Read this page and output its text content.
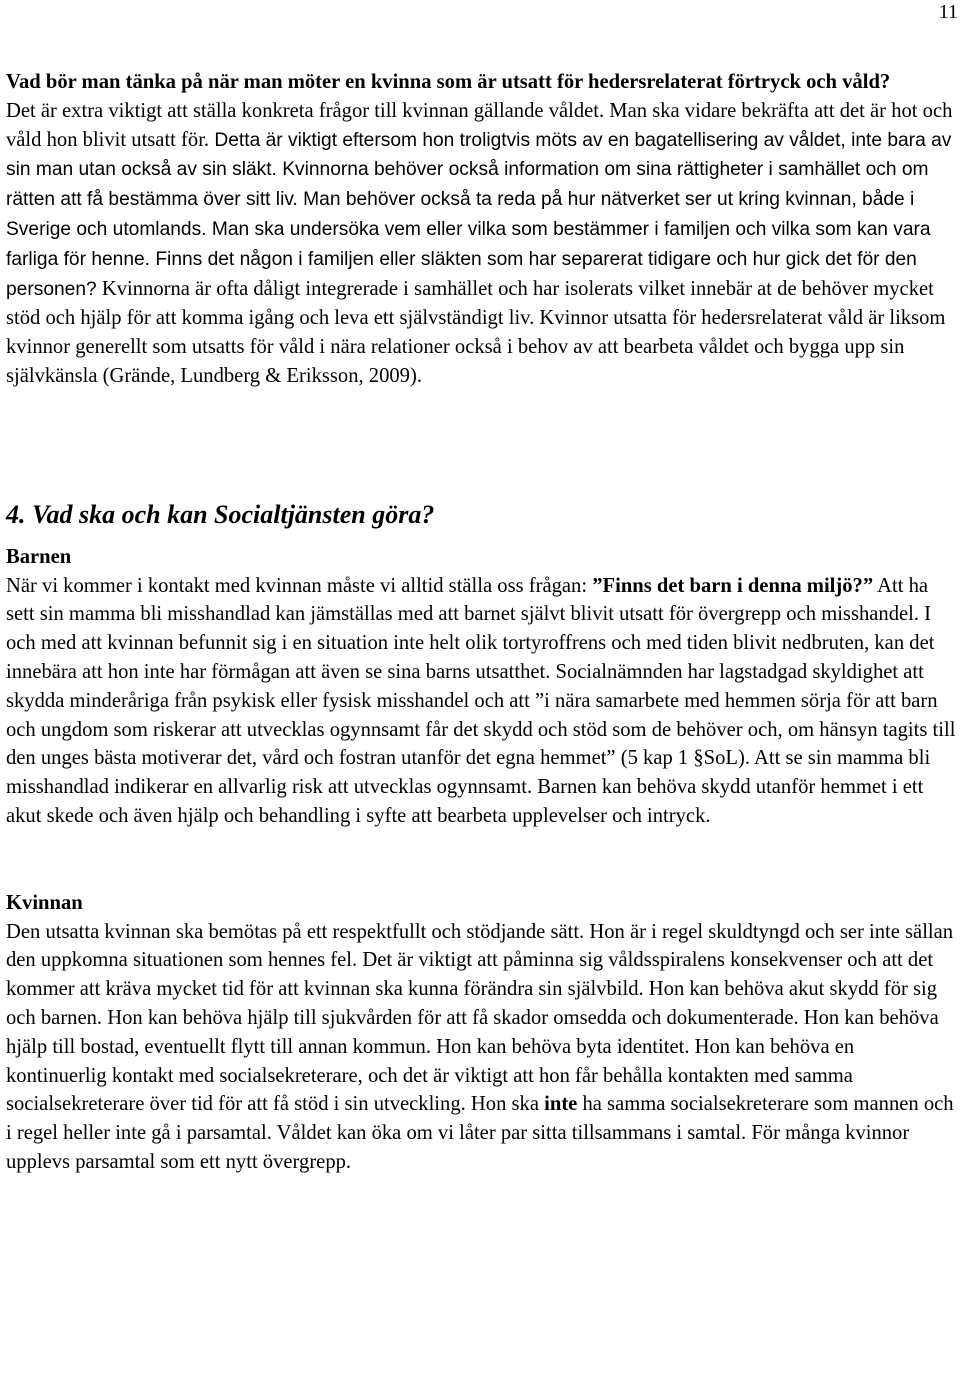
11

Vad bör man tänka på när man möter en kvinna som är utsatt för hedersrelaterat förtryck och våld?

Det är extra viktigt att ställa konkreta frågor till kvinnan gällande våldet. Man ska vidare bekräfta att det är hot och våld hon blivit utsatt för. Detta är viktigt eftersom hon troligtvis möts av en bagatellisering av våldet, inte bara av sin man utan också av sin släkt. Kvinnorna behöver också information om sina rättigheter i samhället och om rätten att få bestämma över sitt liv. Man behöver också ta reda på hur nätverket ser ut kring kvinnan, både i Sverige och utomlands. Man ska undersöka vem eller vilka som bestämmer i familjen och vilka som kan vara farliga för henne. Finns det någon i familjen eller släkten som har separerat tidigare och hur gick det för den personen? Kvinnorna är ofta dåligt integrerade i samhället och har isolerats vilket innebär at de behöver mycket stöd och hjälp för att komma igång och leva ett självständigt liv. Kvinnor utsatta för hedersrelaterat våld är liksom kvinnor generellt som utsatts för våld i nära relationer också i behov av att bearbeta våldet och bygga upp sin självkänsla (Grände, Lundberg & Eriksson, 2009).

4. Vad ska och kan Socialtjänsten göra?

Barnen

När vi kommer i kontakt med kvinnan måste vi alltid ställa oss frågan: ”Finns det barn i denna miljö?” Att ha sett sin mamma bli misshandlad kan jämställas med att barnet självt blivit utsatt för övergrepp och misshandel. I och med att kvinnan befunnit sig i en situation inte helt olik tortyroffrens och med tiden blivit nedbruten, kan det innebära att hon inte har förmågan att även se sina barns utsatthet. Socialnämnden har lagstadgad skyldighet att skydda minderåriga från psykisk eller fysisk misshandel och att ”i nära samarbete med hemmen sörja för att barn och ungdom som riskerar att utvecklas ogynnsamt får det skydd och stöd som de behöver och, om hänsyn tagits till den unges bästa motiverar det, vård och fostran utanför det egna hemmet” (5 kap 1 §SoL). Att se sin mamma bli misshandlad indikerar en allvarlig risk att utvecklas ogynnsamt. Barnen kan behöva skydd utanför hemmet i ett akut skede och även hjälp och behandling i syfte att bearbeta upplevelser och intryck.

Kvinnan

Den utsatta kvinnan ska bemötas på ett respektfullt och stödjande sätt. Hon är i regel skuldtyngd och ser inte sällan den uppkomna situationen som hennes fel. Det är viktigt att påminna sig våldsspiralens konsekvenser och att det kommer att kräva mycket tid för att kvinnan ska kunna förändra sin självbild. Hon kan behöva akut skydd för sig och barnen. Hon kan behöva hjälp till sjukvården för att få skador omsedda och dokumenterade. Hon kan behöva hjälp till bostad, eventuellt flytt till annan kommun. Hon kan behöva byta identitet. Hon kan behöva en kontinuerlig kontakt med socialsekreterare, och det är viktigt att hon får behålla kontakten med samma socialsekreterare över tid för att få stöd i sin utveckling. Hon ska inte ha samma socialsekreterare som mannen och i regel heller inte gå i parsamtal. Våldet kan öka om vi låter par sitta tillsammans i samtal. För många kvinnor upplevs parsamtal som ett nytt övergrepp.
